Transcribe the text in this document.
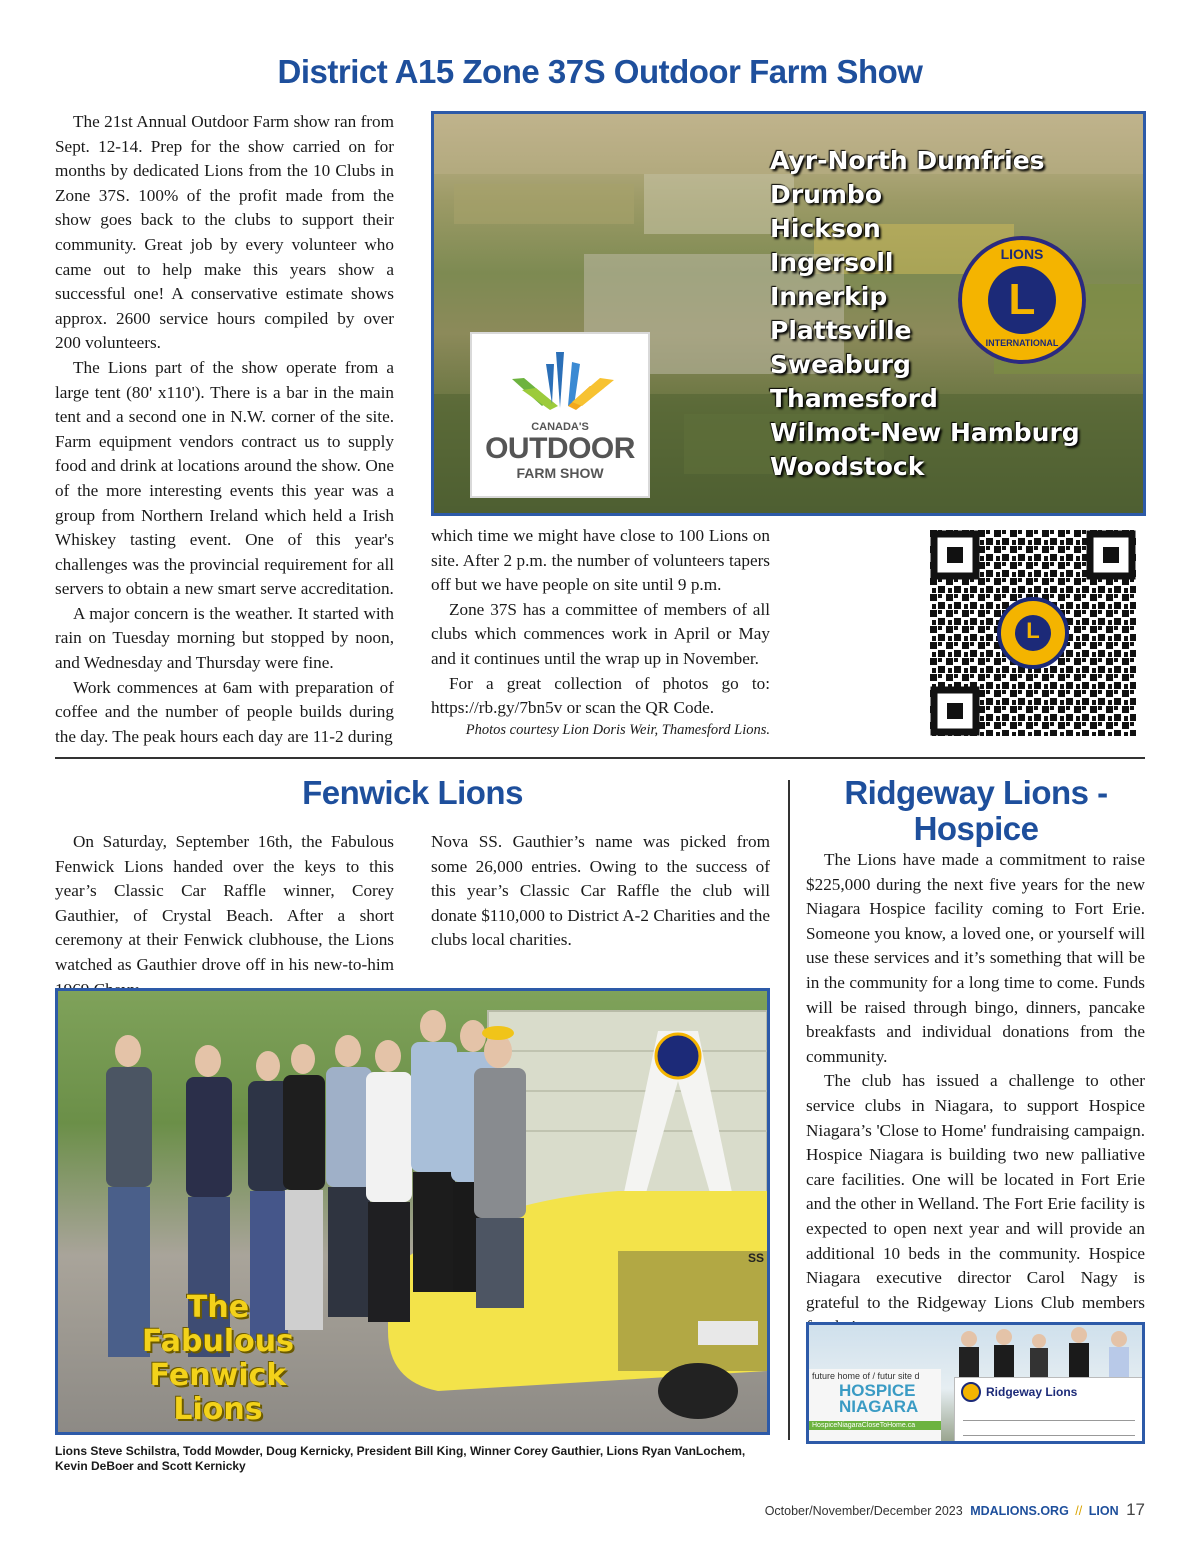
District A15 Zone 37S Outdoor Farm Show

The 21st Annual Outdoor Farm show ran from Sept. 12-14. Prep for the show carried on for months by dedicated Lions from the 10 Clubs in Zone 37S. 100% of the profit made from the show goes back to the clubs to support their community. Great job by every volunteer who came out to help make this years show a successful one! A conservative estimate shows approx. 2600 service hours compiled by over 200 volunteers.

The Lions part of the show operate from a large tent (80' x110'). There is a bar in the main tent and a second one in N.W. corner of the site. Farm equipment vendors contract us to supply food and drink at locations around the show. One of the more interesting events this year was a group from Northern Ireland which held a Irish Whiskey tasting event. One of this year's challenges was the provincial requirement for all servers to obtain a new smart serve accreditation.

A major concern is the weather. It started with rain on Tuesday morning but stopped by noon, and Wednesday and Thursday were fine.

Work commences at 6am with preparation of coffee and the number of people builds during the day. The peak hours each day are 11-2 during

CANADA'S
OUTDOOR
FARM SHOW
LIONS
L
INTERNATIONAL
Ayr-North Dumfries
Drumbo
Hickson
Ingersoll
Innerkip
Plattsville
Sweaburg
Thamesford
Wilmot-New Hamburg
Woodstock

which time we might have close to 100 Lions on site. After 2 p.m. the number of volunteers tapers off but we have people on site until 9 p.m.

Zone 37S has a committee of members of all clubs which commences work in April or May and it continues until the wrap up in November.

For a great collection of photos go to: https://rb.gy/7bn5v or scan the QR Code.

Photos courtesy Lion Doris Weir, Thamesford Lions.
L
Fenwick Lions

On Saturday, September 16th, the Fabulous Fenwick Lions handed over the keys to this year’s Classic Car Raffle winner, Corey Gauthier, of Crystal Beach. After a short ceremony at their Fenwick clubhouse, the Lions watched as Gauthier drove off in his new-to-him

Nova SS. Gauthier’s name was picked from some 26,000 entries. Owing to the success of this year’s Classic Car Raffle the club will donate $110,000 to District A-2 Charities and the clubs local charities.

The
Fabulous
Fenwick
Lions
SS
Lions Steve Schilstra, Todd Mowder, Doug Kernicky, President Bill King, Winner Corey Gauthier, Lions Ryan VanLochem, Kevin DeBoer and Scott Kernicky
Ridgeway Lions -
Hospice

The Lions have made a commitment to raise $225,000 during the next five years for the new Niagara Hospice facility coming to Fort Erie. Someone you know, a loved one, or yourself will use these services and it’s something that will be in the community for a long time to come. Funds will be raised through bingo, dinners, pancake breakfasts and individual donations from the community.

The club has issued a challenge to other service clubs in Niagara, to support Hospice Niagara’s 'Close to Home' fundraising campaign. Hospice Niagara is building two new palliative care facilities. One will be located in Fort Erie and the other in Welland. The Fort Erie facility is expected to open next year and will provide an additional 10 beds in the community. Hospice Niagara executive director Carol Nagy is grateful to the Ridgeway Lions Club members

future home of / futur site d
HOSPICE
NIAGARA
HospiceNiagaraCloseToHome.ca
Ridgeway Lions
October/November/December 2023 MDALIONS.ORG // LION 17
